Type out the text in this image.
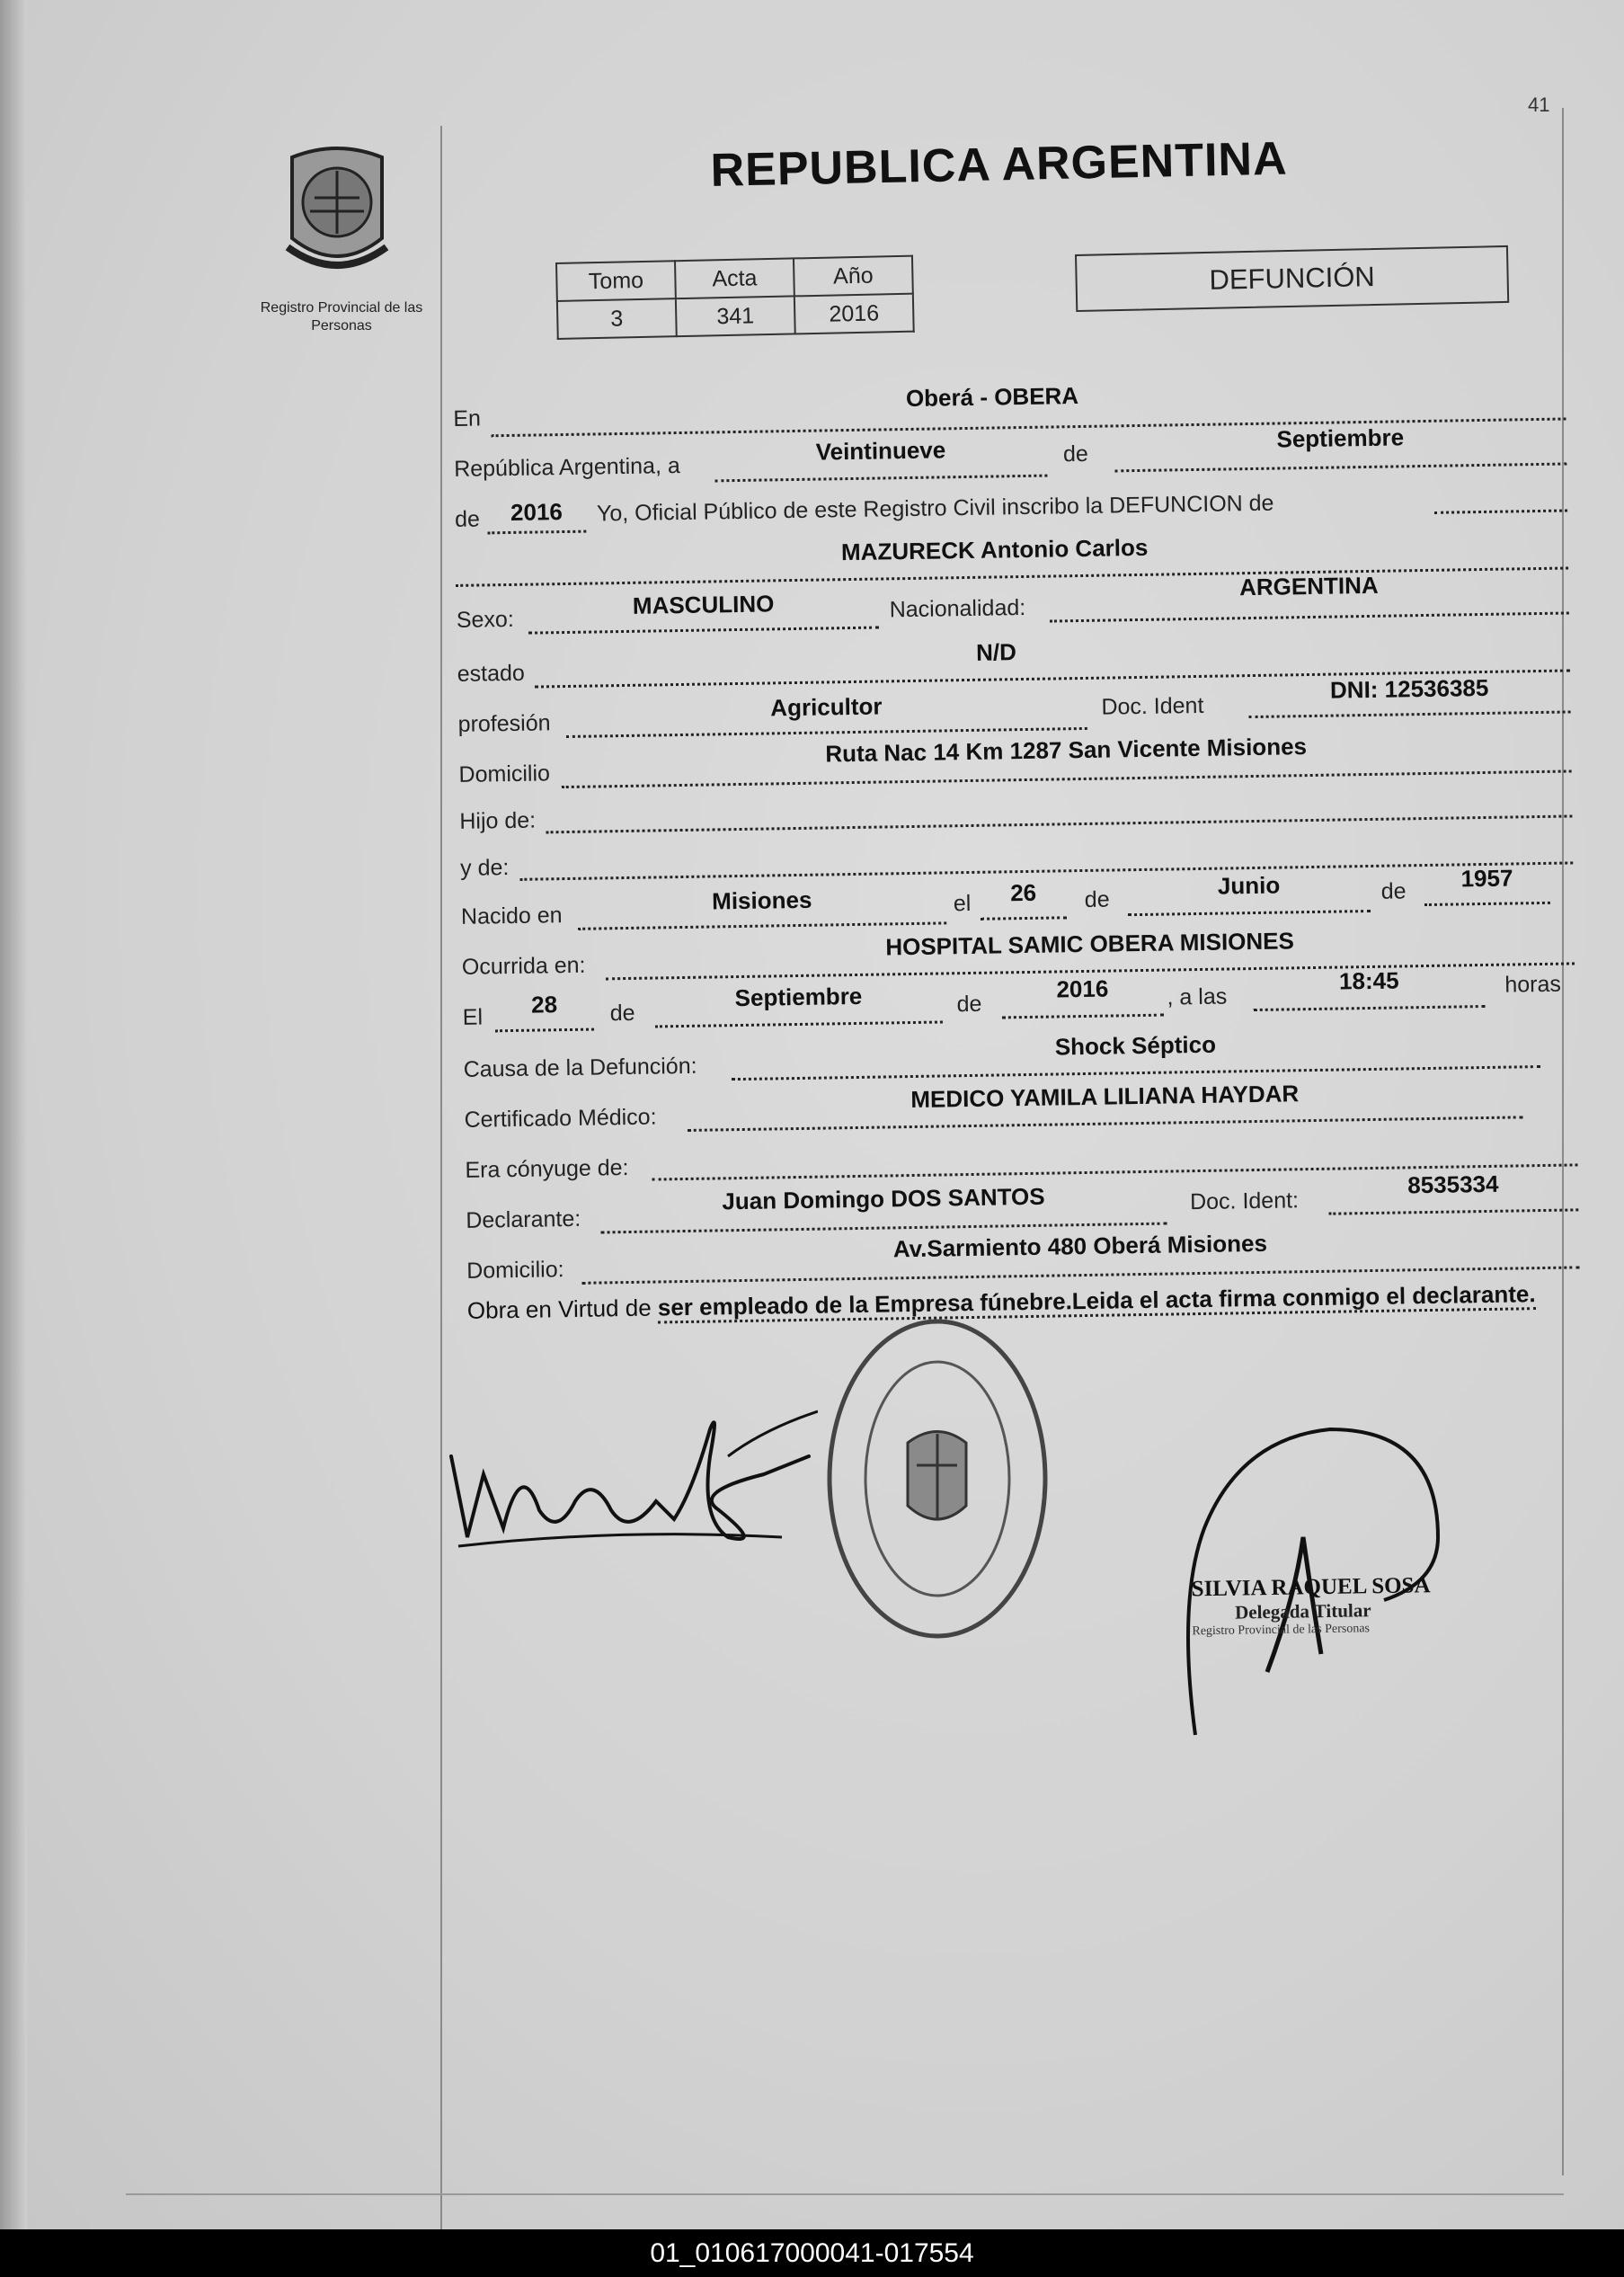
41
Registro Provincial de las Personas
REPUBLICA ARGENTINA
Tomo	Acta	Año
3	341	2016
DEFUNCIÓN
En
Oberá - OBERA
República Argentina, a
Veintinueve	de
Septiembre
de	2016	Yo, Oficial Público de este Registro Civil inscribo la DEFUNCION de
MAZURECK Antonio Carlos
Sexo:
MASCULINO	Nacionalidad:
ARGENTINA
estado
N/D
profesión
Agricultor	Doc. Ident
DNI: 12536385
Domicilio
Ruta Nac 14 Km 1287 San Vicente Misiones
Hijo de:
y de:
Nacido en
Misiones	el	26	de
Junio	de	1957
Ocurrida en:
HOSPITAL SAMIC OBERA MISIONES
El	28	de
Septiembre	de
2016	, a las
18:45	horas
Causa de la Defunción:
Shock Séptico
Certificado Médico:
MEDICO YAMILA LILIANA HAYDAR
Era cónyuge de:
Declarante:
Juan Domingo DOS SANTOS	Doc. Ident:
8535334
Domicilio:
Av.Sarmiento 480 Oberá Misiones
Obra en Virtud de ser empleado de la Empresa fúnebre.Leida el acta firma conmigo el declarante.
SILVIA RAQUEL SOSA
Delegada Titular
Registro Provincial de las Personas
01_010617000041-017554
